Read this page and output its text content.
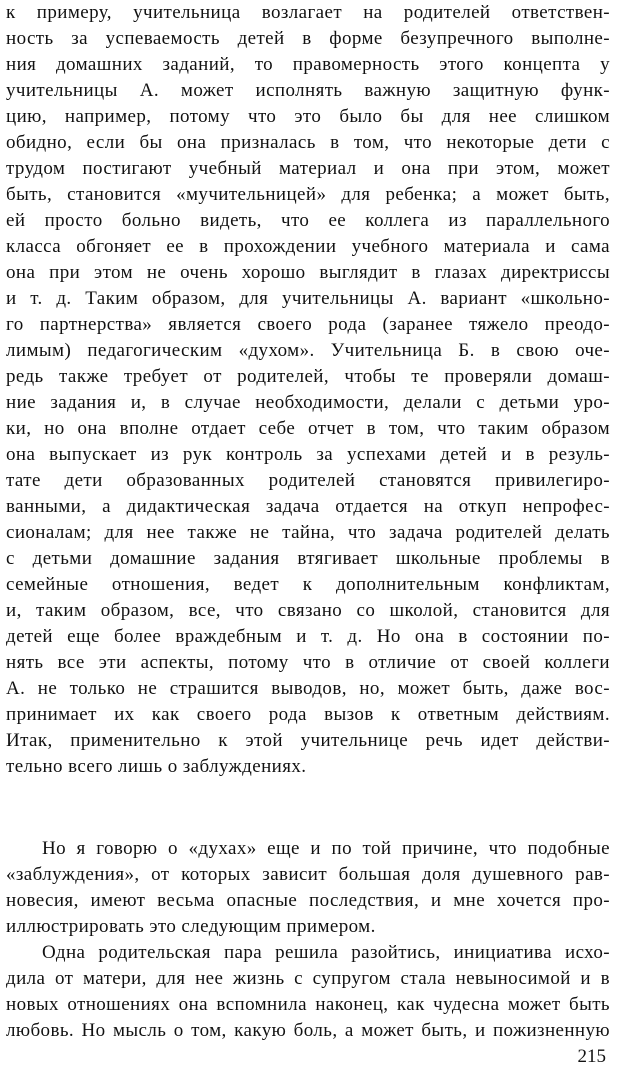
к примеру, учительница возлагает на родителей ответствен-
ность за успеваемость детей в форме безупречного выполне-
ния домашних заданий, то правомерность этого концепта у
учительницы А. может исполнять важную защитную функ-
цию, например, потому что это было бы для нее слишком
обидно, если бы она призналась в том, что некоторые дети с
трудом постигают учебный материал и она при этом, может
быть, становится «мучительницей» для ребенка; а может быть,
ей просто больно видеть, что ее коллега из параллельного
класса обгоняет ее в прохождении учебного материала и сама
она при этом не очень хорошо выглядит в глазах директриссы
и т. д. Таким образом, для учительницы А. вариант «школьно-
го партнерства» является своего рода (заранее тяжело преодо-
лимым) педагогическим «духом». Учительница Б. в свою оче-
редь также требует от родителей, чтобы те проверяли домаш-
ние задания и, в случае необходимости, делали с детьми уро-
ки, но она вполне отдает себе отчет в том, что таким образом
она выпускает из рук контроль за успехами детей и в резуль-
тате дети образованных родителей становятся привилегиро-
ванными, а дидактическая задача отдается на откуп непрофес-
сионалам; для нее также не тайна, что задача родителей делать
с детьми домашние задания втягивает школьные проблемы в
семейные отношения, ведет к дополнительным конфликтам,
и, таким образом, все, что связано со школой, становится для
детей еще более враждебным и т. д. Но она в состоянии по-
нять все эти аспекты, потому что в отличие от своей коллеги
А. не только не страшится выводов, но, может быть, даже вос-
принимает их как своего рода вызов к ответным действиям.
Итак, применительно к этой учительнице речь идет действи-
тельно всего лишь о заблуждениях.
Но я говорю о «духах» еще и по той причине, что подобные
«заблуждения», от которых зависит большая доля душевного рав-
новесия, имеют весьма опасные последствия, и мне хочется про-
иллюстрировать это следующим примером.
Одна родительская пара решила разойтись, инициатива исхо-
дила от матери, для нее жизнь с супругом стала невыносимой и в
новых отношениях она вспомнила наконец, как чудесна может быть
любовь. Но мысль о том, какую боль, а может быть, и пожизненную
215
